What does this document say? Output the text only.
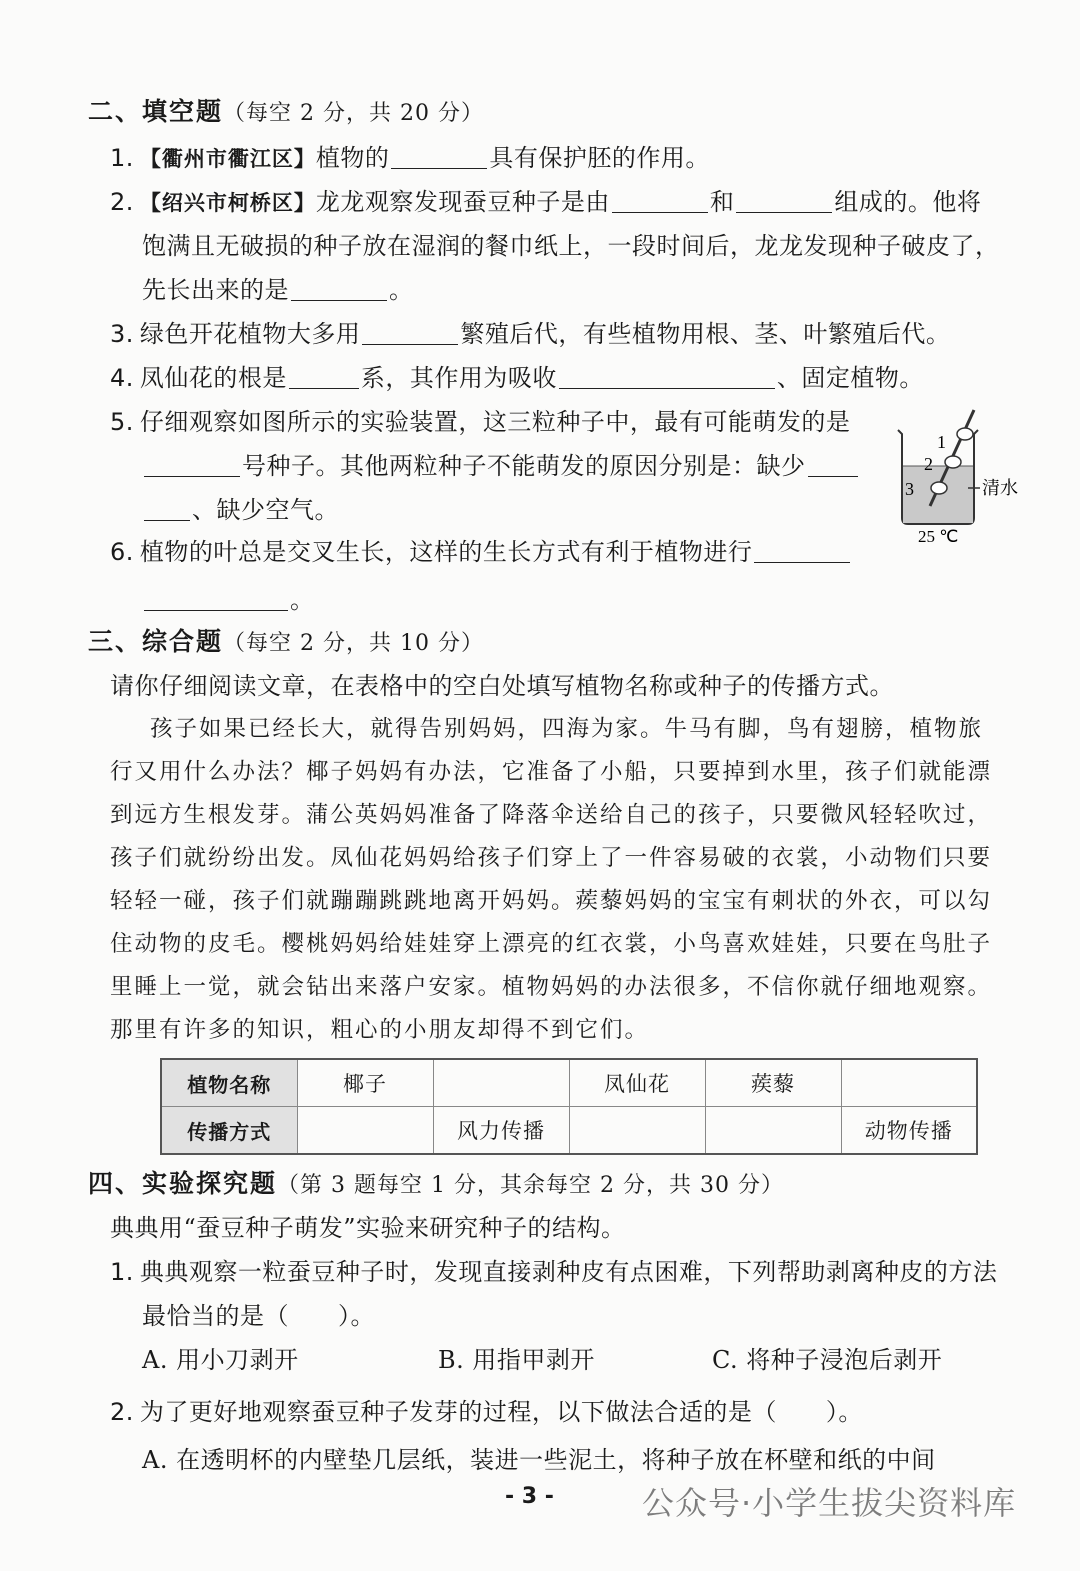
二、填空题（每空 2 分，共 20 分）
1. 【衢州市衢江区】植物的	具有保护胚的作用。
2. 【绍兴市柯桥区】龙龙观察发现蚕豆种子是由	和	组成的。他将
饱满且无破损的种子放在湿润的餐巾纸上，一段时间后，龙龙发现种子破皮了，
先长出来的是	。
3. 绿色开花植物大多用	繁殖后代，有些植物用根、茎、叶繁殖后代。
4. 凤仙花的根是	系，其作用为吸收	、固定植物。
5. 仔细观察如图所示的实验装置，这三粒种子中，最有可能萌发的是
号种子。其他两粒种子不能萌发的原因分别是：缺少
、缺少空气。
1
2
3	清水
25 ℃
6. 植物的叶总是交叉生长，这样的生长方式有利于植物进行
。
三、综合题（每空 2 分，共 10 分）
请你仔细阅读文章，在表格中的空白处填写植物名称或种子的传播方式。
孩子如果已经长大，就得告别妈妈，四海为家。牛马有脚，鸟有翅膀，植物旅
行又用什么办法？椰子妈妈有办法，它准备了小船，只要掉到水里，孩子们就能漂
到远方生根发芽。蒲公英妈妈准备了降落伞送给自己的孩子，只要微风轻轻吹过，
孩子们就纷纷出发。凤仙花妈妈给孩子们穿上了一件容易破的衣裳，小动物们只要
轻轻一碰，孩子们就蹦蹦跳跳地离开妈妈。蒺藜妈妈的宝宝有刺状的外衣，可以勾
住动物的皮毛。樱桃妈妈给娃娃穿上漂亮的红衣裳，小鸟喜欢娃娃，只要在鸟肚子
里睡上一觉，就会钻出来落户安家。植物妈妈的办法很多，不信你就仔细地观察。
那里有许多的知识，粗心的小朋友却得不到它们。
植物名称	椰子		凤仙花	蒺藜	
传播方式		风力传播			动物传播
四、实验探究题（第 3 题每空 1 分，其余每空 2 分，共 30 分）
典典用“蚕豆种子萌发”实验来研究种子的结构。
1. 典典观察一粒蚕豆种子时，发现直接剥种皮有点困难，下列帮助剥离种皮的方法
最恰当的是（　　）。
A. 用小刀剥开	B. 用指甲剥开	C. 将种子浸泡后剥开
2. 为了更好地观察蚕豆种子发芽的过程，以下做法合适的是（　　）。
A. 在透明杯的内壁垫几层纸，装进一些泥土，将种子放在杯壁和纸的中间
- 3 -	公众号·小学生拔尖资料库
